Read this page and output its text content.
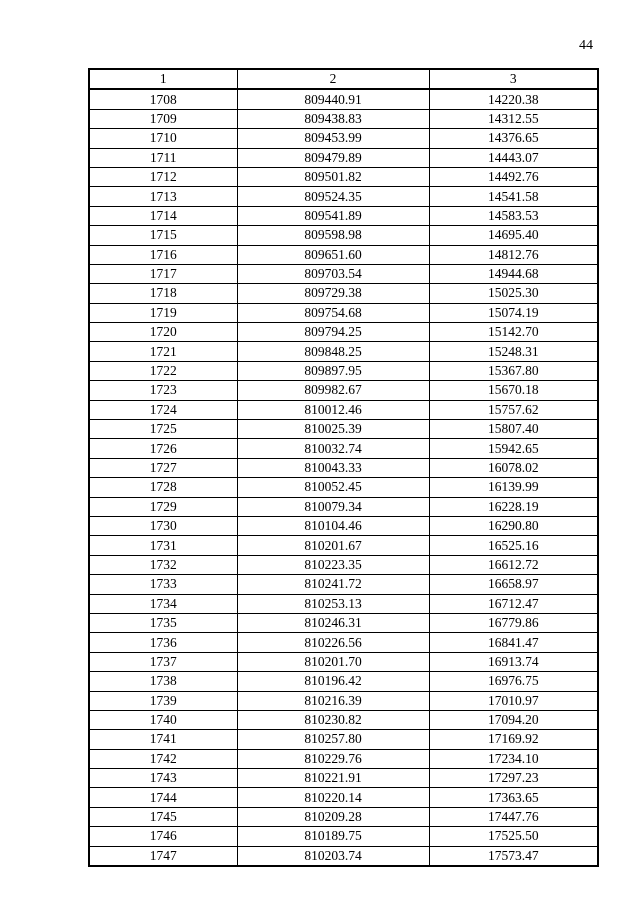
44
1	2	3
1708	809440.91	14220.38
1709	809438.83	14312.55
1710	809453.99	14376.65
1711	809479.89	14443.07
1712	809501.82	14492.76
1713	809524.35	14541.58
1714	809541.89	14583.53
1715	809598.98	14695.40
1716	809651.60	14812.76
1717	809703.54	14944.68
1718	809729.38	15025.30
1719	809754.68	15074.19
1720	809794.25	15142.70
1721	809848.25	15248.31
1722	809897.95	15367.80
1723	809982.67	15670.18
1724	810012.46	15757.62
1725	810025.39	15807.40
1726	810032.74	15942.65
1727	810043.33	16078.02
1728	810052.45	16139.99
1729	810079.34	16228.19
1730	810104.46	16290.80
1731	810201.67	16525.16
1732	810223.35	16612.72
1733	810241.72	16658.97
1734	810253.13	16712.47
1735	810246.31	16779.86
1736	810226.56	16841.47
1737	810201.70	16913.74
1738	810196.42	16976.75
1739	810216.39	17010.97
1740	810230.82	17094.20
1741	810257.80	17169.92
1742	810229.76	17234.10
1743	810221.91	17297.23
1744	810220.14	17363.65
1745	810209.28	17447.76
1746	810189.75	17525.50
1747	810203.74	17573.47
